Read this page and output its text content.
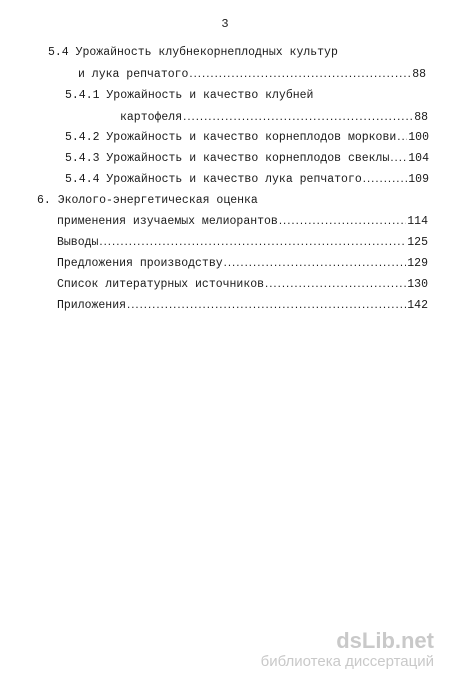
3
5.4 Урожайность клубнекорнеплодных культур
и лука репчатого .....	88
5.4.1 Урожайность и качество клубней
картофеля .....	88
5.4.2 Урожайность и качество корнеплодов моркови ..... 100
5.4.3 Урожайность и качество корнеплодов свеклы ..... 104
5.4.4 Урожайность и качество лука репчатого .....	109
6. Эколого-энергетическая оценка
применения изучаемых мелиорантов .....	114
Выводы .....	125
Предложения производству .....	129
Список литературных источников .....	130
Приложения .....	142
dsLib.net
библиотека диссертаций
